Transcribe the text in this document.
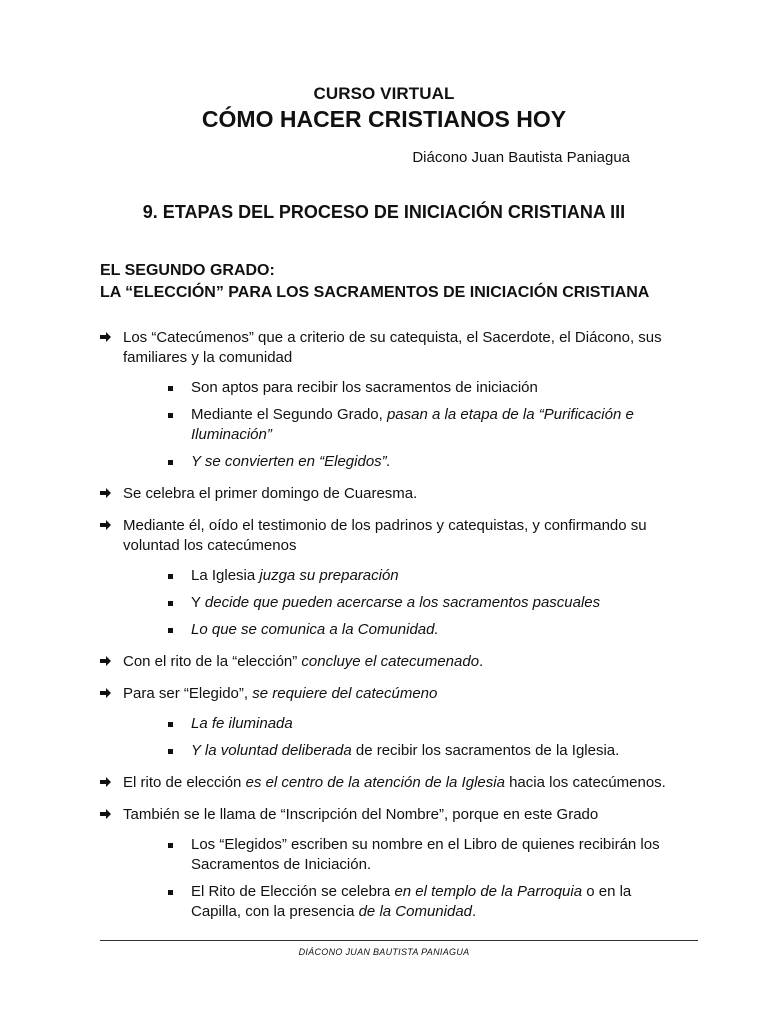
CURSO VIRTUAL
CÓMO HACER CRISTIANOS HOY
Diácono Juan Bautista Paniagua
9. ETAPAS DEL PROCESO DE INICIACIÓN CRISTIANA III
EL SEGUNDO GRADO:
LA “ELECCIÓN” PARA LOS SACRAMENTOS DE INICIACIÓN CRISTIANA
Los “Catecúmenos” que a criterio de su catequista, el Sacerdote, el Diácono, sus familiares y la comunidad
Son aptos para recibir los sacramentos de iniciación
Mediante el Segundo Grado, pasan a la etapa de la “Purificación e Iluminación”
Y se convierten en “Elegidos”.
Se celebra el primer domingo de Cuaresma.
Mediante él, oído el testimonio de los padrinos y catequistas, y confirmando su voluntad los catecúmenos
La Iglesia juzga su preparación
Y decide que pueden acercarse a los sacramentos pascuales
Lo que se comunica a la Comunidad.
Con el rito de la “elección” concluye el catecumenado.
Para ser “Elegido”, se requiere del catecúmeno
La fe iluminada
Y la voluntad deliberada de recibir los sacramentos de la Iglesia.
El rito de elección es el centro de la atención de la Iglesia hacia los catecúmenos.
También se le llama de “Inscripción del Nombre”, porque en este Grado
Los “Elegidos” escriben su nombre en el Libro de quienes recibirán los Sacramentos de Iniciación.
El Rito de Elección se celebra en el templo de la Parroquia o en la Capilla, con la presencia de la Comunidad.
DIÁCONO JUAN BAUTISTA PANIAGUA
